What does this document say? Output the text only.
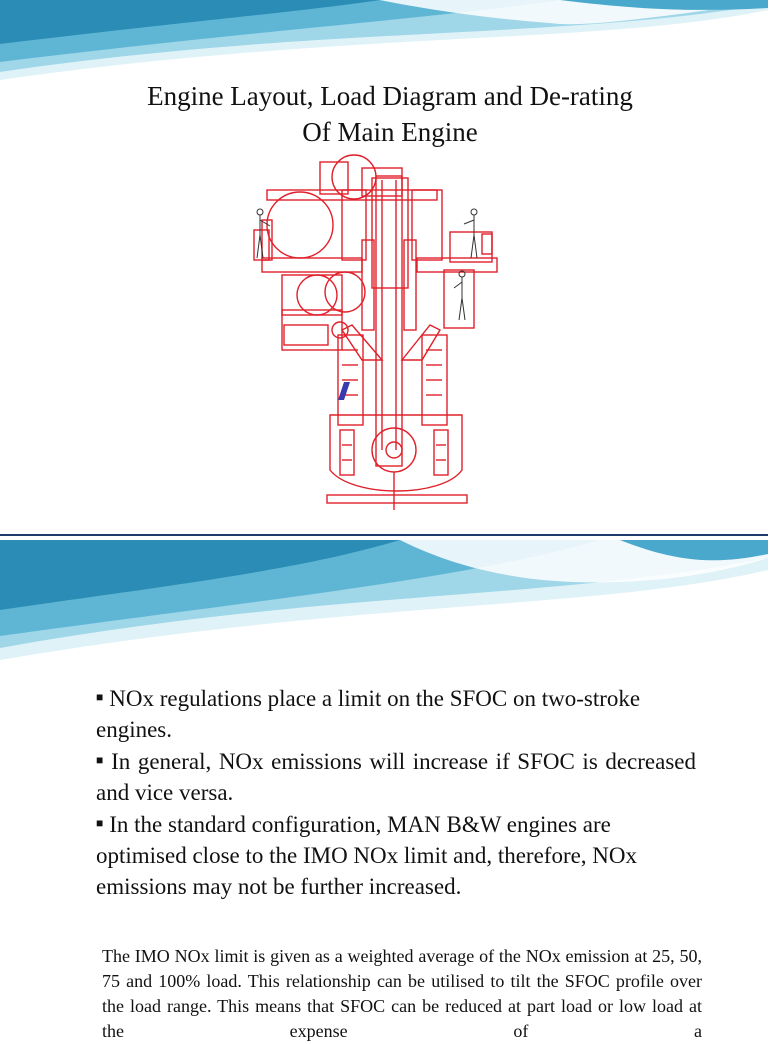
Engine Layout, Load Diagram and De-rating
Of Main Engine

■ NOx regulations place a limit on the SFOC on two-stroke engines.

■ In general, NOx emissions will increase if SFOC is decreased and vice versa.

■ In the standard configuration, MAN B&W engines are optimised close to the IMO NOx limit and, therefore, NOx emissions may not be further increased.

The IMO NOx limit is given as a weighted average of the NOx emission at 25, 50, 75 and 100% load. This relationship can be utilised to tilt the SFOC profile over the load range. This means that SFOC can be reduced at part load or low load at the expense of a
